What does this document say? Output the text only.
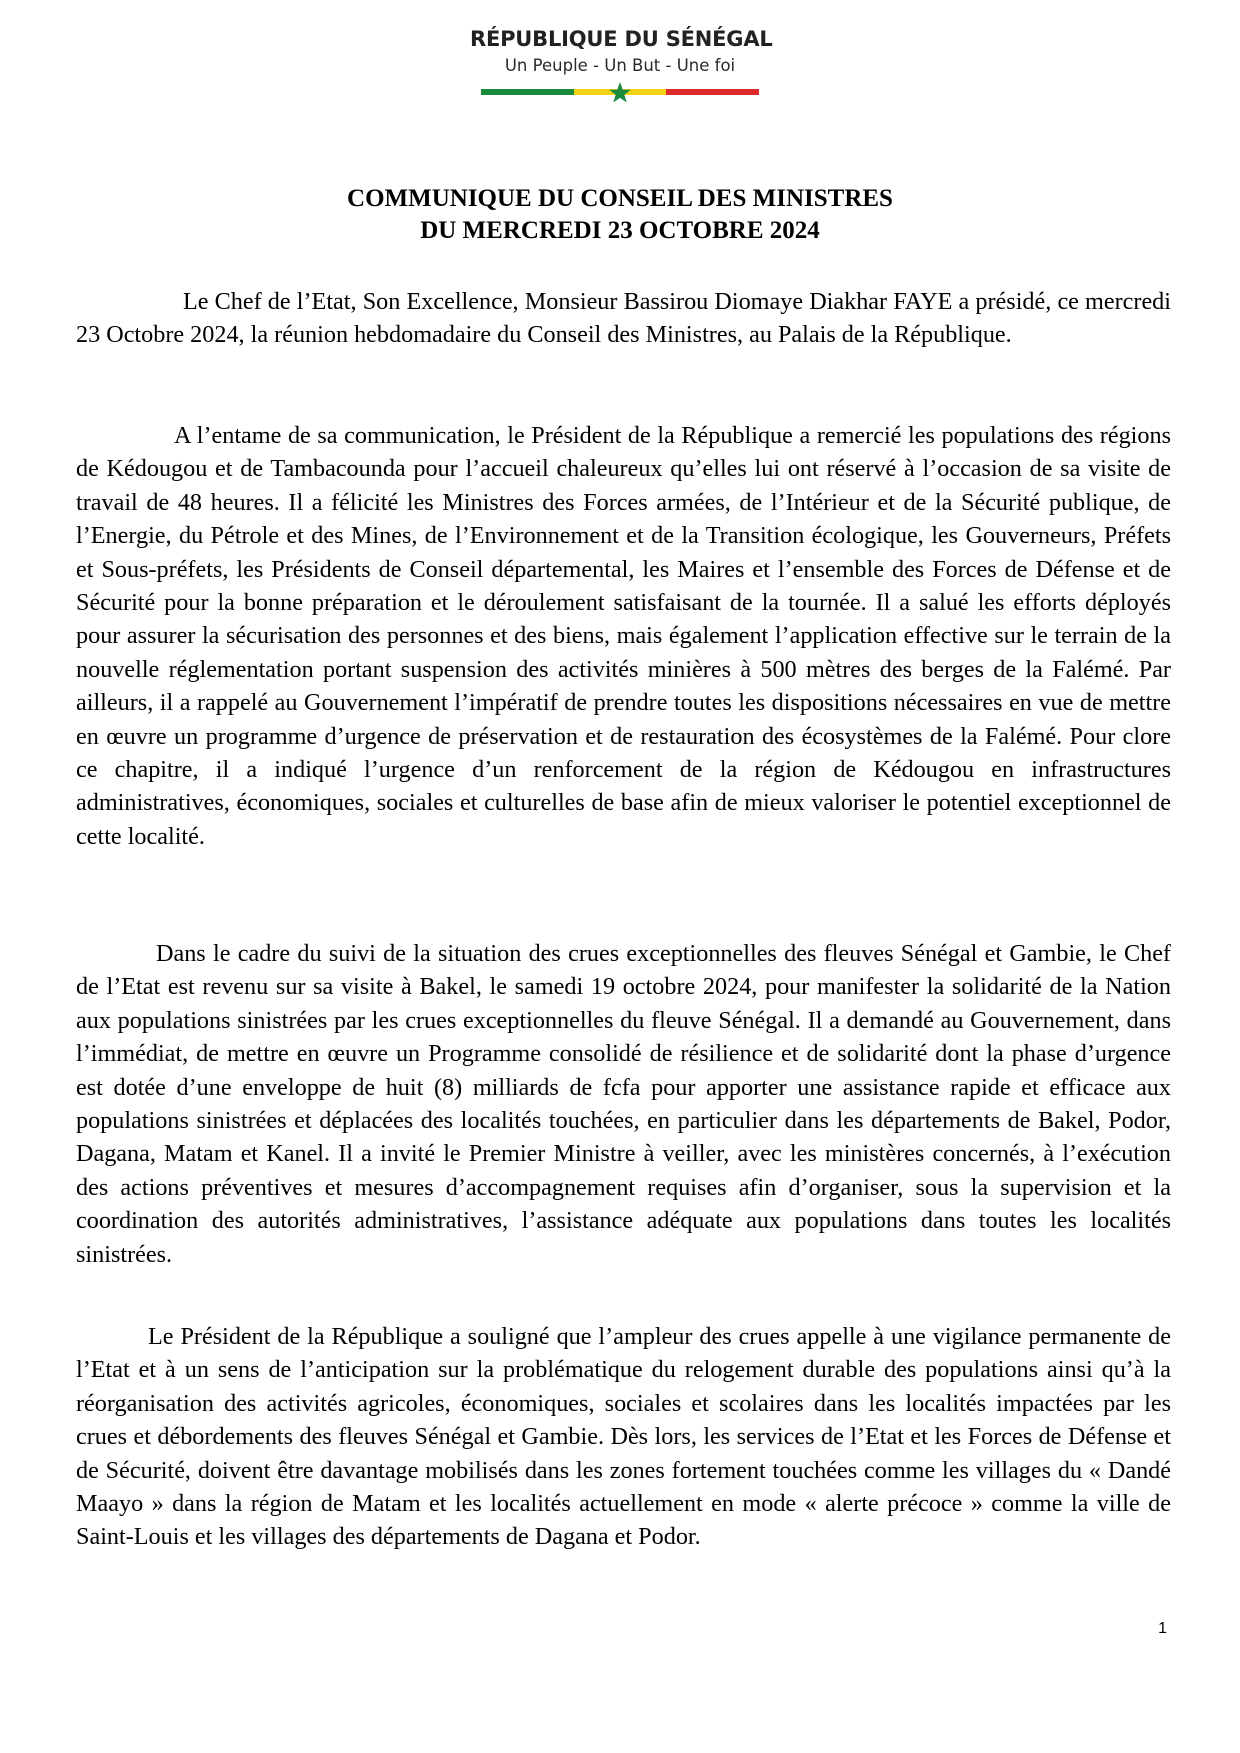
RÉPUBLIQUE DU SÉNÉGAL
Un Peuple - Un But - Une foi
COMMUNIQUE DU CONSEIL DES MINISTRES
DU MERCREDI 23 OCTOBRE 2024

Le Chef de l’Etat, Son Excellence, Monsieur Bassirou Diomaye Diakhar FAYE a présidé, ce mercredi 23 Octobre 2024, la réunion hebdomadaire du Conseil des Ministres, au Palais de la République.

A l’entame de sa communication, le Président de la République a remercié les populations des régions de Kédougou et de Tambacounda pour l’accueil chaleureux qu’elles lui ont réservé à l’occasion de sa visite de travail de 48 heures. Il a félicité les Ministres des Forces armées, de l’Intérieur et de la Sécurité publique, de l’Energie, du Pétrole et des Mines, de l’Environnement et de la Transition écologique, les Gouverneurs, Préfets et Sous-préfets, les Présidents de Conseil départemental, les Maires et l’ensemble des Forces de Défense et de Sécurité pour la bonne préparation et le déroulement satisfaisant de la tournée. Il a salué les efforts déployés pour assurer la sécurisation des personnes et des biens, mais également l’application effective sur le terrain de la nouvelle réglementation portant suspension des activités minières à 500 mètres des berges de la Falémé. Par ailleurs, il a rappelé au Gouvernement l’impératif de prendre toutes les dispositions nécessaires en vue de mettre en œuvre un programme d’urgence de préservation et de restauration des écosystèmes de la Falémé. Pour clore ce chapitre, il a indiqué l’urgence d’un renforcement de la région de Kédougou en infrastructures administratives, économiques, sociales et culturelles de base afin de mieux valoriser le potentiel exceptionnel de cette localité.

Dans le cadre du suivi de la situation des crues exceptionnelles des fleuves Sénégal et Gambie, le Chef de l’Etat est revenu sur sa visite à Bakel, le samedi 19 octobre 2024, pour manifester la solidarité de la Nation aux populations sinistrées par les crues exceptionnelles du fleuve Sénégal. Il a demandé au Gouvernement, dans l’immédiat, de mettre en œuvre un Programme consolidé de résilience et de solidarité dont la phase d’urgence est dotée d’une enveloppe de huit (8) milliards de fcfa pour apporter une assistance rapide et efficace aux populations sinistrées et déplacées des localités touchées, en particulier dans les départements de Bakel, Podor, Dagana, Matam et Kanel. Il a invité le Premier Ministre à veiller, avec les ministères concernés, à l’exécution des actions préventives et mesures d’accompagnement requises afin d’organiser, sous la supervision et la coordination des autorités administratives, l’assistance adéquate aux populations dans toutes les localités sinistrées.

Le Président de la République a souligné que l’ampleur des crues appelle à une vigilance permanente de l’Etat et à un sens de l’anticipation sur la problématique du relogement durable des populations ainsi qu’à la réorganisation des activités agricoles, économiques, sociales et scolaires dans les localités impactées par les crues et débordements des fleuves Sénégal et Gambie. Dès lors, les services de l’Etat et les Forces de Défense et de Sécurité, doivent être davantage mobilisés dans les zones fortement touchées comme les villages du « Dandé Maayo » dans la région de Matam et les localités actuellement en mode « alerte précoce » comme la ville de Saint-Louis et les villages des départements de Dagana et Podor.

1
